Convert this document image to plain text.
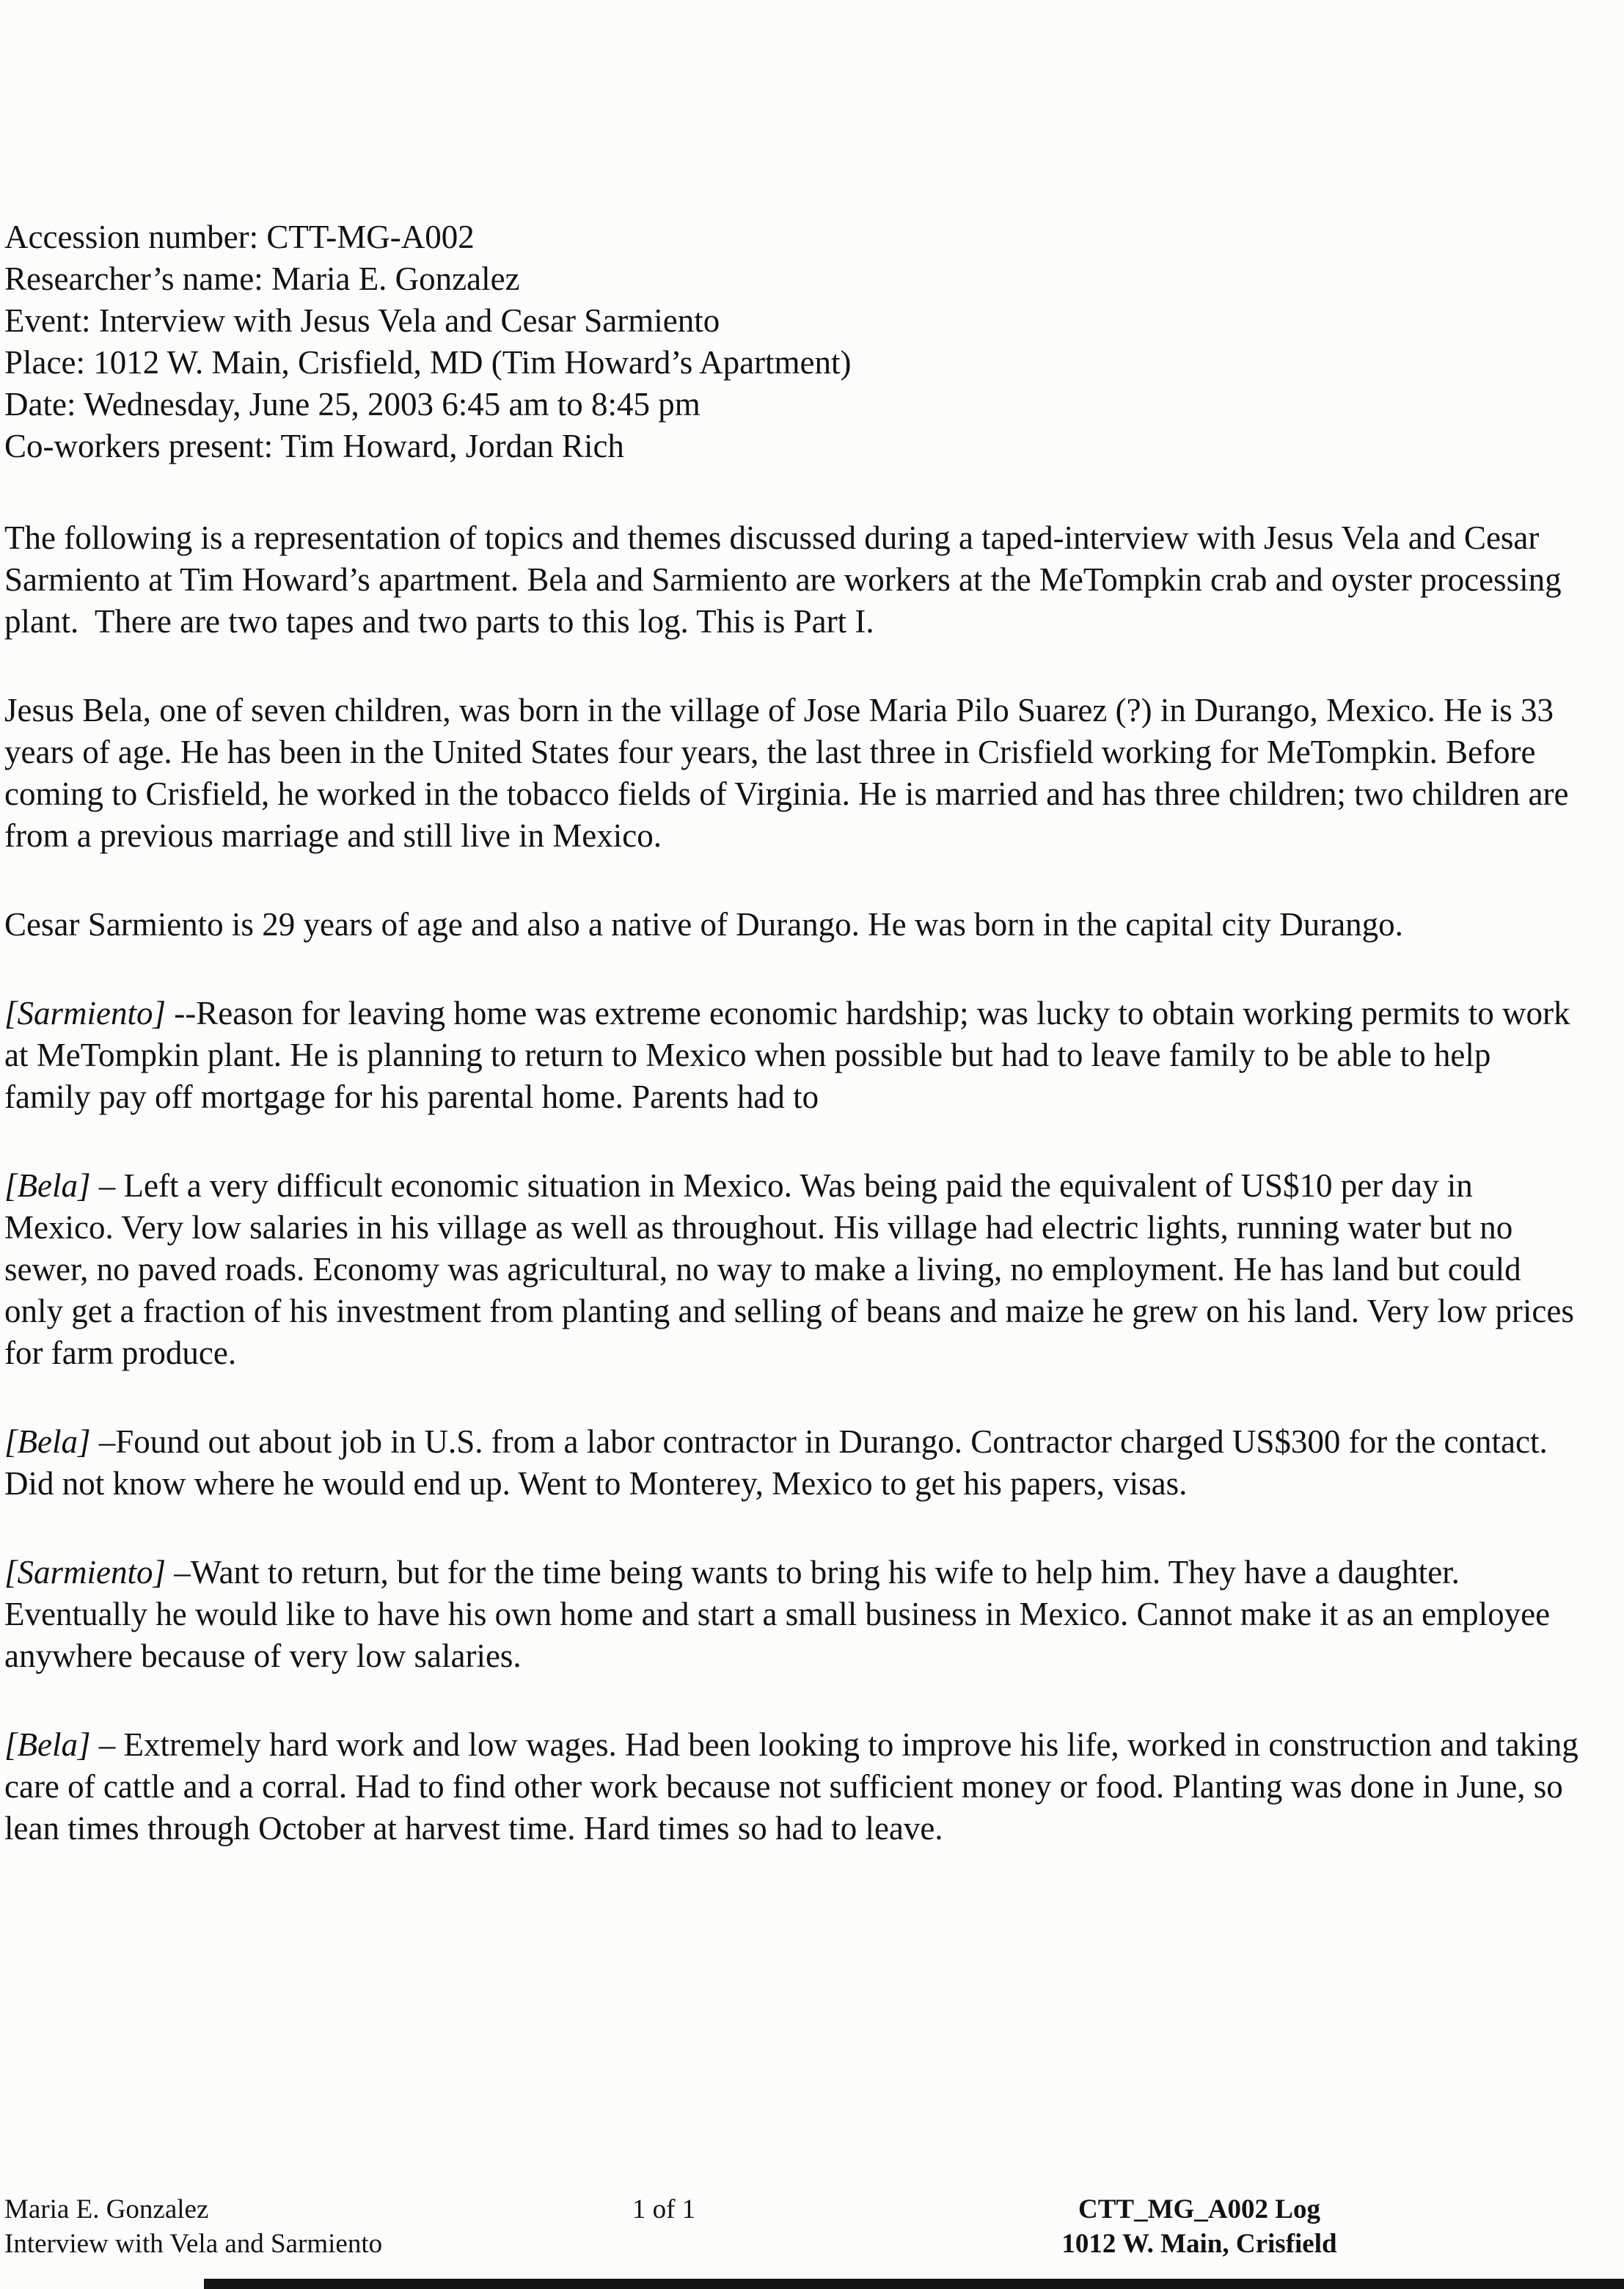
Accession number: CTT-MG-A002
Researcher’s name: Maria E. Gonzalez
Event: Interview with Jesus Vela and Cesar Sarmiento
Place: 1012 W. Main, Crisfield, MD (Tim Howard’s Apartment)
Date: Wednesday, June 25, 2003 6:45 am to 8:45 pm
Co-workers present: Tim Howard, Jordan Rich

The following is a representation of topics and themes discussed during a taped-interview with Jesus Vela and Cesar Sarmiento at Tim Howard’s apartment. Bela and Sarmiento are workers at the MeTompkin crab and oyster processing plant.  There are two tapes and two parts to this log. This is Part I.

Jesus Bela, one of seven children, was born in the village of Jose Maria Pilo Suarez (?) in Durango, Mexico. He is 33 years of age. He has been in the United States four years, the last three in Crisfield working for MeTompkin. Before coming to Crisfield, he worked in the tobacco fields of Virginia. He is married and has three children; two children are from a previous marriage and still live in Mexico.

Cesar Sarmiento is 29 years of age and also a native of Durango. He was born in the capital city Durango.

[Sarmiento] --Reason for leaving home was extreme economic hardship; was lucky to obtain working permits to work at MeTompkin plant. He is planning to return to Mexico when possible but had to leave family to be able to help family pay off mortgage for his parental home. Parents had to

[Bela] – Left a very difficult economic situation in Mexico. Was being paid the equivalent of US$10 per day in Mexico. Very low salaries in his village as well as throughout. His village had electric lights, running water but no sewer, no paved roads. Economy was agricultural, no way to make a living, no employment. He has land but could only get a fraction of his investment from planting and selling of beans and maize he grew on his land. Very low prices for farm produce.

[Bela] –Found out about job in U.S. from a labor contractor in Durango. Contractor charged US$300 for the contact. Did not know where he would end up. Went to Monterey, Mexico to get his papers, visas.

[Sarmiento] –Want to return, but for the time being wants to bring his wife to help him. They have a daughter. Eventually he would like to have his own home and start a small business in Mexico. Cannot make it as an employee anywhere because of very low salaries.

[Bela] – Extremely hard work and low wages. Had been looking to improve his life, worked in construction and taking care of cattle and a corral. Had to find other work because not sufficient money or food. Planting was done in June, so lean times through October at harvest time. Hard times so had to leave.

Maria E. Gonzalez
Interview with Vela and Sarmiento
1 of 1	CTT_MG_A002 Log
1012 W. Main, Crisfield
